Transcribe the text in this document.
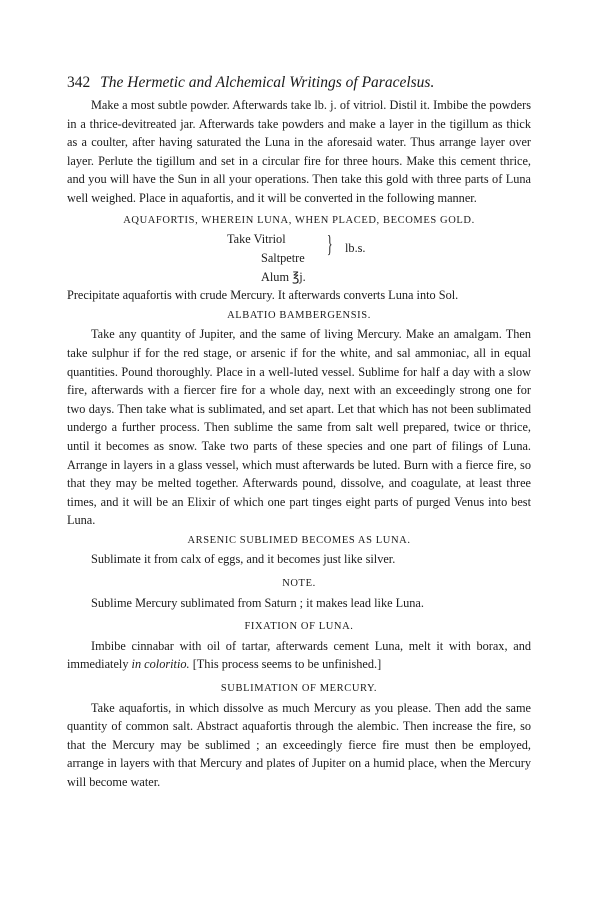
342 The Hermetic and Alchemical Writings of Paracelsus.

Make a most subtle powder. Afterwards take lb. j. of vitriol. Distil it. Imbibe the powders in a thrice-devitreated jar. Afterwards take powders and make a layer in the tigillum as thick as a coulter, after having saturated the Luna in the aforesaid water. Thus arrange layer over layer. Perlute the tigillum and set in a circular fire for three hours. Make this cement thrice, and you will have the Sun in all your operations. Then take this gold with three parts of Luna well weighed. Place in aquafortis, and it will be converted in the following manner.

AQUAFORTIS, WHEREIN LUNA, WHEN PLACED, BECOMES GOLD.
Take Vitriol
Saltpetre
Alum ℥j.
} lb.s.

Precipitate aquafortis with crude Mercury. It afterwards converts Luna into Sol.

ALBATIO BAMBERGENSIS.

Take any quantity of Jupiter, and the same of living Mercury. Make an amalgam. Then take sulphur if for the red stage, or arsenic if for the white, and sal ammoniac, all in equal quantities. Pound thoroughly. Place in a well-luted vessel. Sublime for half a day with a slow fire, afterwards with a fiercer fire for a whole day, next with an exceedingly strong one for two days. Then take what is sublimated, and set apart. Let that which has not been sublimated undergo a further process. Then sublime the same from salt well prepared, twice or thrice, until it becomes as snow. Take two parts of these species and one part of filings of Luna. Arrange in layers in a glass vessel, which must afterwards be luted. Burn with a fierce fire, so that they may be melted together. Afterwards pound, dissolve, and coagulate, at least three times, and it will be an Elixir of which one part tinges eight parts of purged Venus into best Luna.

ARSENIC SUBLIMED BECOMES AS LUNA.

Sublimate it from calx of eggs, and it becomes just like silver.

NOTE.

Sublime Mercury sublimated from Saturn ; it makes lead like Luna.

FIXATION OF LUNA.

Imbibe cinnabar with oil of tartar, afterwards cement Luna, melt it with borax, and immediately in coloritio. [This process seems to be unfinished.]

SUBLIMATION OF MERCURY.

Take aquafortis, in which dissolve as much Mercury as you please. Then add the same quantity of common salt. Abstract aquafortis through the alembic. Then increase the fire, so that the Mercury may be sublimed ; an exceedingly fierce fire must then be employed, arrange in layers with that Mercury and plates of Jupiter on a humid place, when the Mercury will become water.
